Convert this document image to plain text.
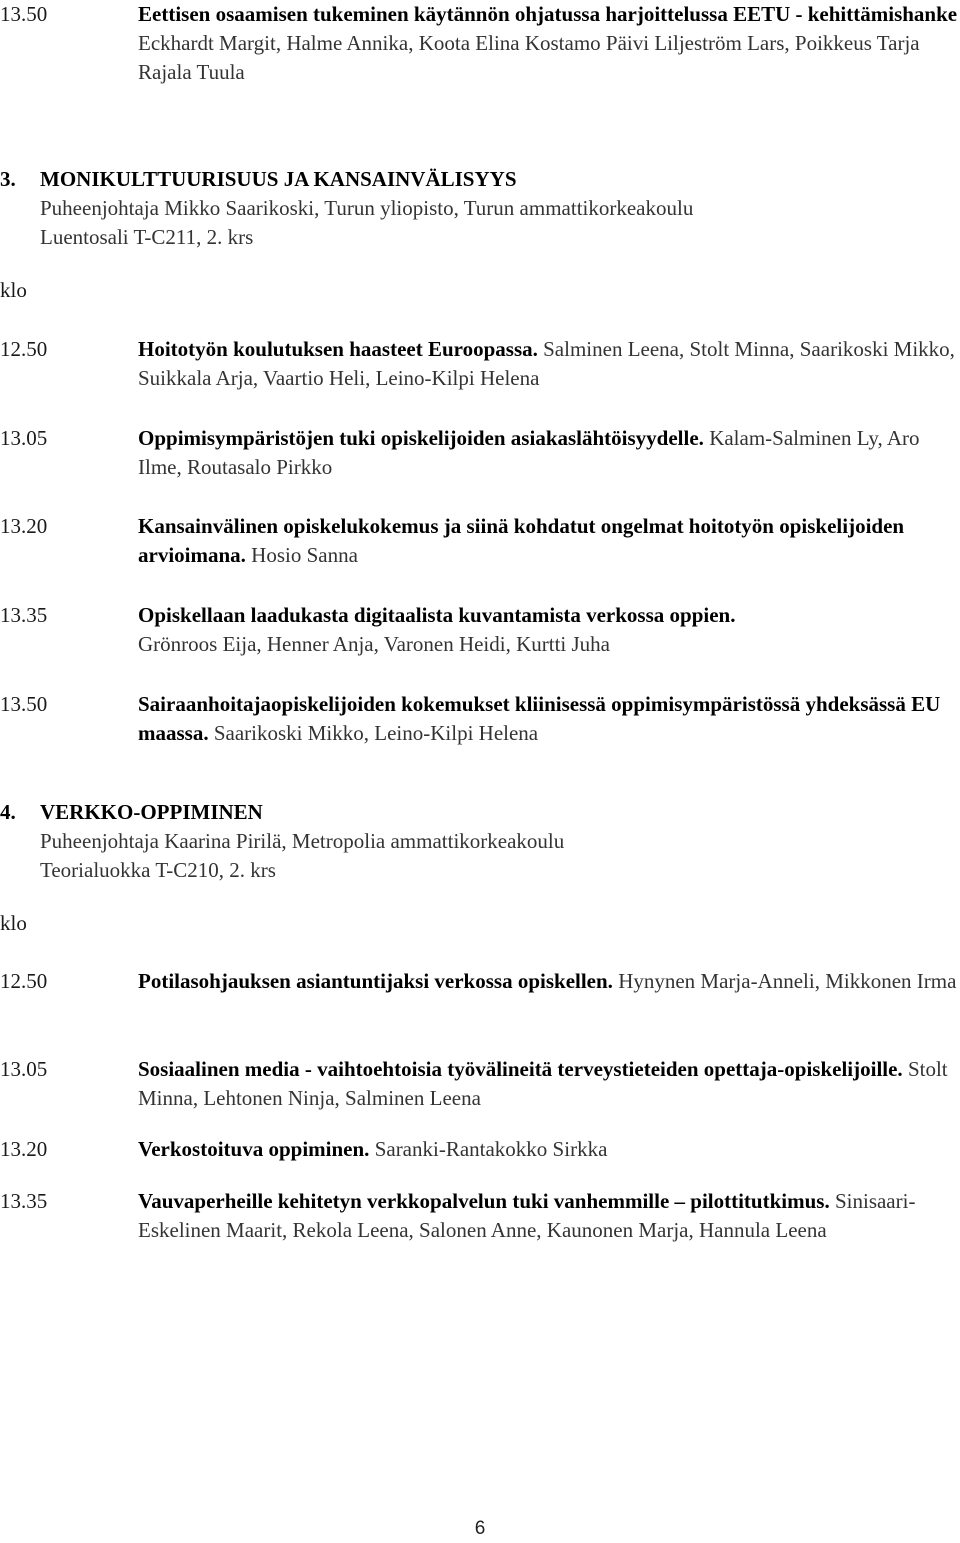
13.50	Eettisen osaamisen tukeminen käytännön ohjatussa harjoittelussa EETU - kehittämishanke
Eckhardt Margit, Halme Annika, Koota Elina Kostamo Päivi Liljeström Lars, Poikkeus Tarja Rajala Tuula
3. MONIKULTTUURISUUS JA KANSAINVÄLISYYS
Puheenjohtaja Mikko Saarikoski, Turun yliopisto, Turun ammattikorkeakoulu
Luentosali T-C211, 2. krs
klo
12.50	Hoitotyön koulutuksen haasteet Euroopassa. Salminen Leena, Stolt Minna, Saarikoski Mikko, Suikkala Arja, Vaartio Heli, Leino-Kilpi Helena
13.05	Oppimisympäristöjen tuki opiskelijoiden asiakaslähtöisyydelle. Kalam-Salminen Ly, Aro Ilme, Routasalo Pirkko
13.20	Kansainvälinen opiskelukokemus ja siinä kohdatut ongelmat hoitotyön opiskelijoiden arvioimana. Hosio Sanna
13.35	Opiskellaan laadukasta digitaalista kuvantamista verkossa oppien.
Grönroos Eija, Henner Anja, Varonen Heidi, Kurtti Juha
13.50	Sairaanhoitajaopiskelijoiden kokemukset kliinisessä oppimisympäristössä yhdeksässä EU maassa. Saarikoski Mikko, Leino-Kilpi Helena
4. VERKKO-OPPIMINEN
Puheenjohtaja Kaarina Pirilä, Metropolia ammattikorkeakoulu
Teorialuokka T-C210, 2. krs
klo
12.50	Potilasohjauksen asiantuntijaksi verkossa opiskellen. Hynynen Marja-Anneli, Mikkonen Irma
13.05	Sosiaalinen media - vaihtoehtoisia työvälineitä terveystieteiden opettaja-opiskelijoille. Stolt Minna, Lehtonen Ninja, Salminen Leena
13.20	Verkostoituva oppiminen. Saranki-Rantakokko Sirkka
13.35	Vauvaperheille kehitetyn verkkopalvelun tuki vanhemmille – pilottitutkimus. Sinisaari-Eskelinen Maarit, Rekola Leena, Salonen Anne, Kaunonen Marja, Hannula Leena
6
